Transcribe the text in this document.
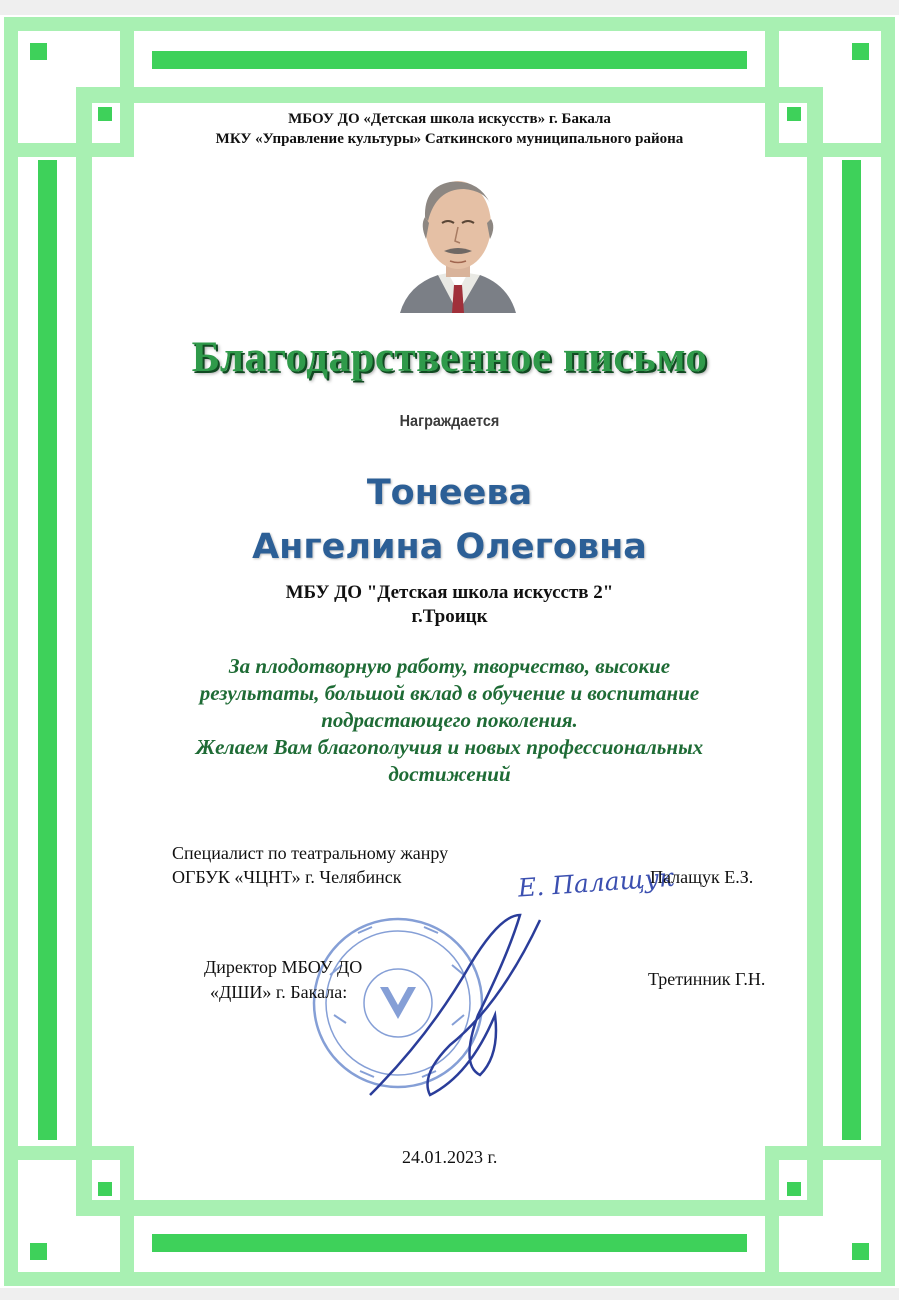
МБОУ ДО «Детская школа искусств» г. Бакала
МКУ «Управление культуры» Саткинского муниципального района
Благодарственное письмо
Награждается
Тонеева
Ангелина Олеговна
МБУ ДО "Детская школа искусств 2"
г.Троицк
За плодотворную работу, творчество, высокие
результаты, большой вклад в обучение и воспитание
подрастающего поколения.
Желаем Вам благополучия и новых профессиональных
достижений
Специалист по театральному жанру
ОГБУК «ЧЦНТ» г. Челябинск	Е. Палащук
Палащук Е.З.
Директор МБОУ ДО
«ДШИ» г. Бакала:
Третинник Г.Н.
24.01.2023 г.
